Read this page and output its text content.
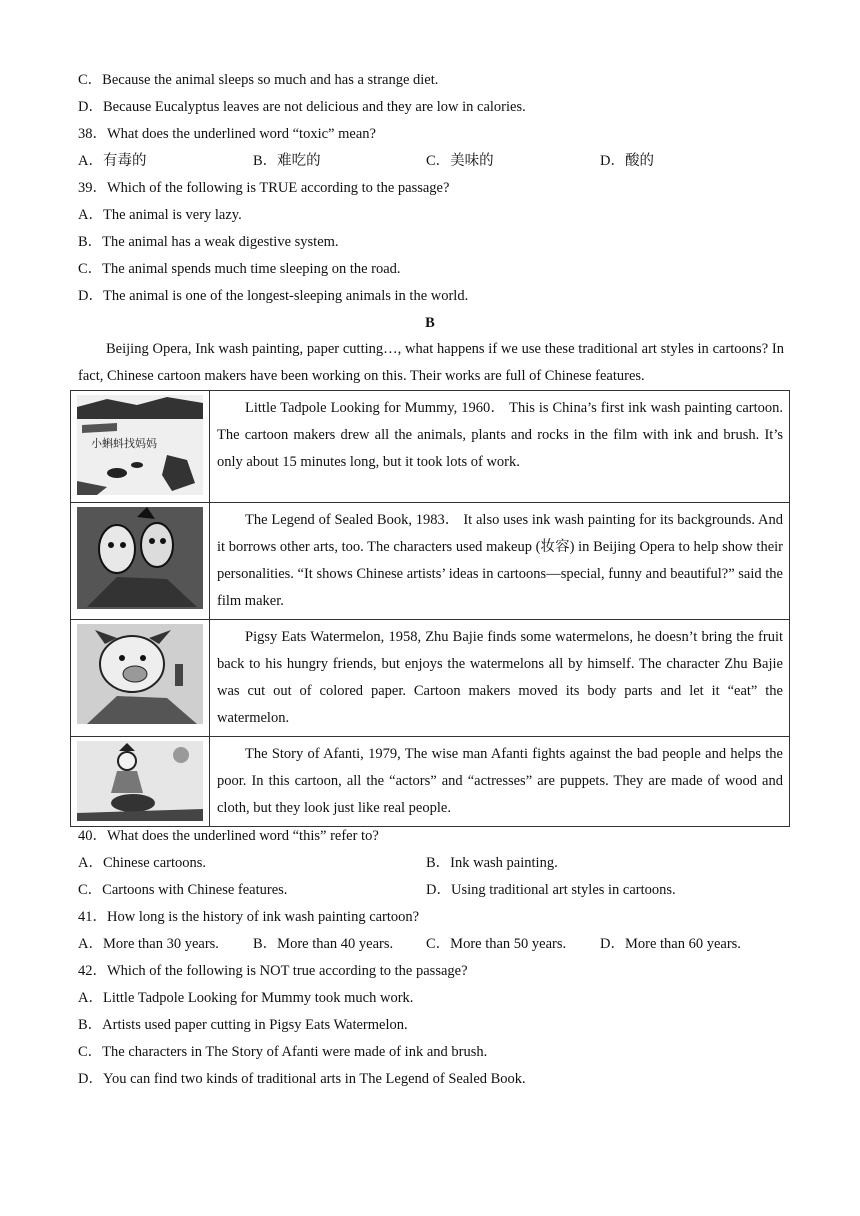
C．Because the animal sleeps so much and has a strange diet.
D．Because Eucalyptus leaves are not delicious and they are low in calories.
38．What does the underlined word “toxic” mean?
A．有毒的	B．难吃的	C．美味的	D．酸的
39．Which of the following is TRUE according to the passage?
A．The animal is very lazy.
B．The animal has a weak digestive system.
C．The animal spends much time sleeping on the road.
D．The animal is one of the longest-sleeping animals in the world.
B
Beijing Opera, Ink wash painting, paper cutting…, what happens if we use these traditional art styles in cartoons? In fact, Chinese cartoon makers have been working on this. Their works are full of Chinese features.
小蝌蚪找妈妈	Little Tadpole Looking for Mummy, 1960． This is China’s first ink wash painting cartoon. The cartoon makers drew all the animals, plants and rocks in the film with ink and brush. It’s only about 15 minutes long, but it took lots of work.

The Legend of Sealed Book, 1983． It also uses ink wash painting for its backgrounds. And it borrows other arts, too. The characters used makeup (妆容) in Beijing Opera to help show their personalities. “It shows Chinese artists’ ideas in cartoons—special, funny and beautiful?” said the film maker.

Pigsy Eats Watermelon, 1958, Zhu Bajie finds some watermelons, he doesn’t bring the fruit back to his hungry friends, but enjoys the watermelons all by himself. The character Zhu Bajie was cut out of colored paper. Cartoon makers moved its body parts and let it “eat” the watermelon.

The Story of Afanti, 1979, The wise man Afanti fights against the bad people and helps the poor. In this cartoon, all the “actors” and “actresses” are puppets. They are made of wood and cloth, but they look just like real people.

40．What does the underlined word “this” refer to?
A．Chinese cartoons.	B．Ink wash painting.
C．Cartoons with Chinese features.	D．Using traditional art styles in cartoons.
41．How long is the history of ink wash painting cartoon?
A．More than 30 years. B．More than 40 years. C．More than 50 years. D．More than 60 years.
42．Which of the following is NOT true according to the passage?
A．Little Tadpole Looking for Mummy took much work.
B．Artists used paper cutting in Pigsy Eats Watermelon.
C．The characters in The Story of Afanti were made of ink and brush.
D．You can find two kinds of traditional arts in The Legend of Sealed Book.
